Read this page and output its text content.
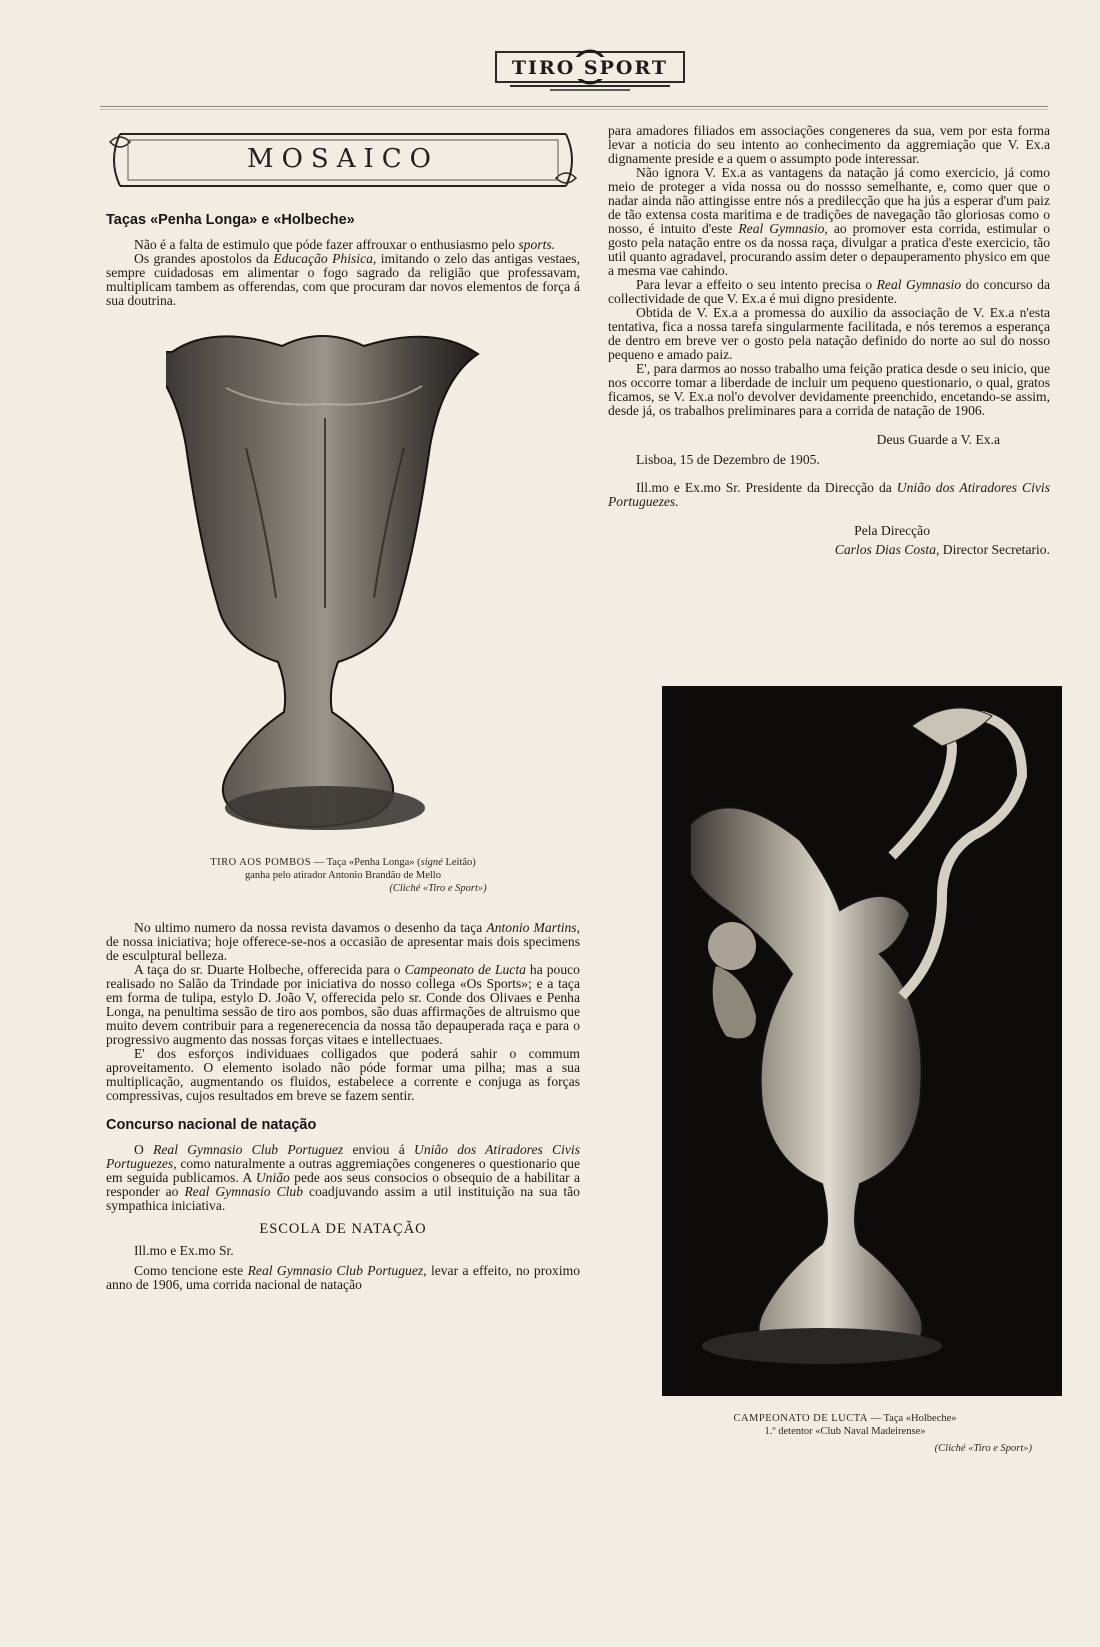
TIRO SPORT
MOSAICO
Taças «Penha Longa» e «Holbeche»

Não é a falta de estimulo que póde fazer affrouxar o enthusiasmo pelo sports.

Os grandes apostolos da Educação Phisica, imitando o zelo das antigas vestaes, sempre cuidadosas em alimentar o fogo sagrado da religião que professavam, multiplicam tambem as offerendas, com que procuram dar novos elementos de força á sua doutrina.

TIRO AOS POMBOS — Taça «Penha Longa» (signé Leitão)
ganha pelo atirador Antonio Brandão de Mello
(Cliché «Tiro e Sport»)

No ultimo numero da nossa revista davamos o desenho da taça Antonio Martins, de nossa iniciativa; hoje offerece-se-nos a occasião de apresentar mais dois specimens de esculptural belleza.

A taça do sr. Duarte Holbeche, offerecida para o Campeonato de Lucta ha pouco realisado no Salão da Trindade por iniciativa do nosso collega «Os Sports»; e a taça em forma de tulipa, estylo D. João V, offerecida pelo sr. Conde dos Olivaes e Penha Longa, na penultima sessão de tiro aos pombos, são duas affirmações de altruismo que muito devem contribuir para a regenerecencia da nossa tão depauperada raça e para o progressivo augmento das nossas forças vitaes e intellectuaes.

E' dos esforços individuaes colligados que poderá sahir o commum aproveitamento. O elemento isolado não póde formar uma pilha; mas a sua multiplicação, augmentando os fluidos, estabelece a corrente e conjuga as forças compressivas, cujos resultados em breve se fazem sentir.

Concurso nacional de natação

O Real Gymnasio Club Portuguez enviou á União dos Atiradores Civis Portuguezes, como naturalmente a outras aggremiações congeneres o questionario que em seguida publicamos. A União pede aos seus consocios o obsequio de a habilitar a responder ao Real Gymnasio Club coadjuvando assim a util instituição na sua tão sympathica iniciativa.

ESCOLA DE NATAÇÃO

Ill.mo e Ex.mo Sr.

Como tencione este Real Gymnasio Club Portuguez, levar a effeito, no proximo anno de 1906, uma corrida nacional de natação

para amadores filiados em associações congeneres da sua, vem por esta forma levar a noticia do seu intento ao conhecimento da aggremiação que V. Ex.a dignamente preside e a quem o assumpto pode interessar.

Não ignora V. Ex.a as vantagens da natação já como exercicio, já como meio de proteger a vida nossa ou do nossso semelhante, e, como quer que o nadar ainda não attingisse entre nós a predilecção que ha jús a esperar d'um paiz de tão extensa costa maritima e de tradições de navegação tão gloriosas como o nosso, é intuito d'este Real Gymnasio, ao promover esta corrida, estimular o gosto pela natação entre os da nossa raça, divulgar a pratica d'este exercicio, tão util quanto agradavel, procurando assim deter o depauperamento physico em que a mesma vae cahindo.

Para levar a effeito o seu intento precisa o Real Gymnasio do concurso da collectividade de que V. Ex.a é mui digno presidente.

Obtida de V. Ex.a a promessa do auxilio da associação de V. Ex.a n'esta tentativa, fica a nossa tarefa singularmente facilitada, e nós teremos a esperança de dentro em breve ver o gosto pela natação definido do norte ao sul do nosso pequeno e amado paiz.

E', para darmos ao nosso trabalho uma feição pratica desde o seu inicio, que nos occorre tomar a liberdade de incluir um pequeno questionario, o qual, gratos ficamos, se V. Ex.a nol'o devolver devidamente preenchido, encetando-se assim, desde já, os trabalhos preliminares para a corrida de natação de 1906.

Deus Guarde a V. Ex.a

Lisboa, 15 de Dezembro de 1905.

Ill.mo e Ex.mo Sr. Presidente da Direcção da União dos Atiradores Civis Portuguezes.

Pela Direcção
Carlos Dias Costa, Director Secretario.
CAMPEONATO DE LUCTA — Taça «Holbeche»
1.º detentor «Club Naval Madeirense»
(Cliché «Tiro e Sport»)
